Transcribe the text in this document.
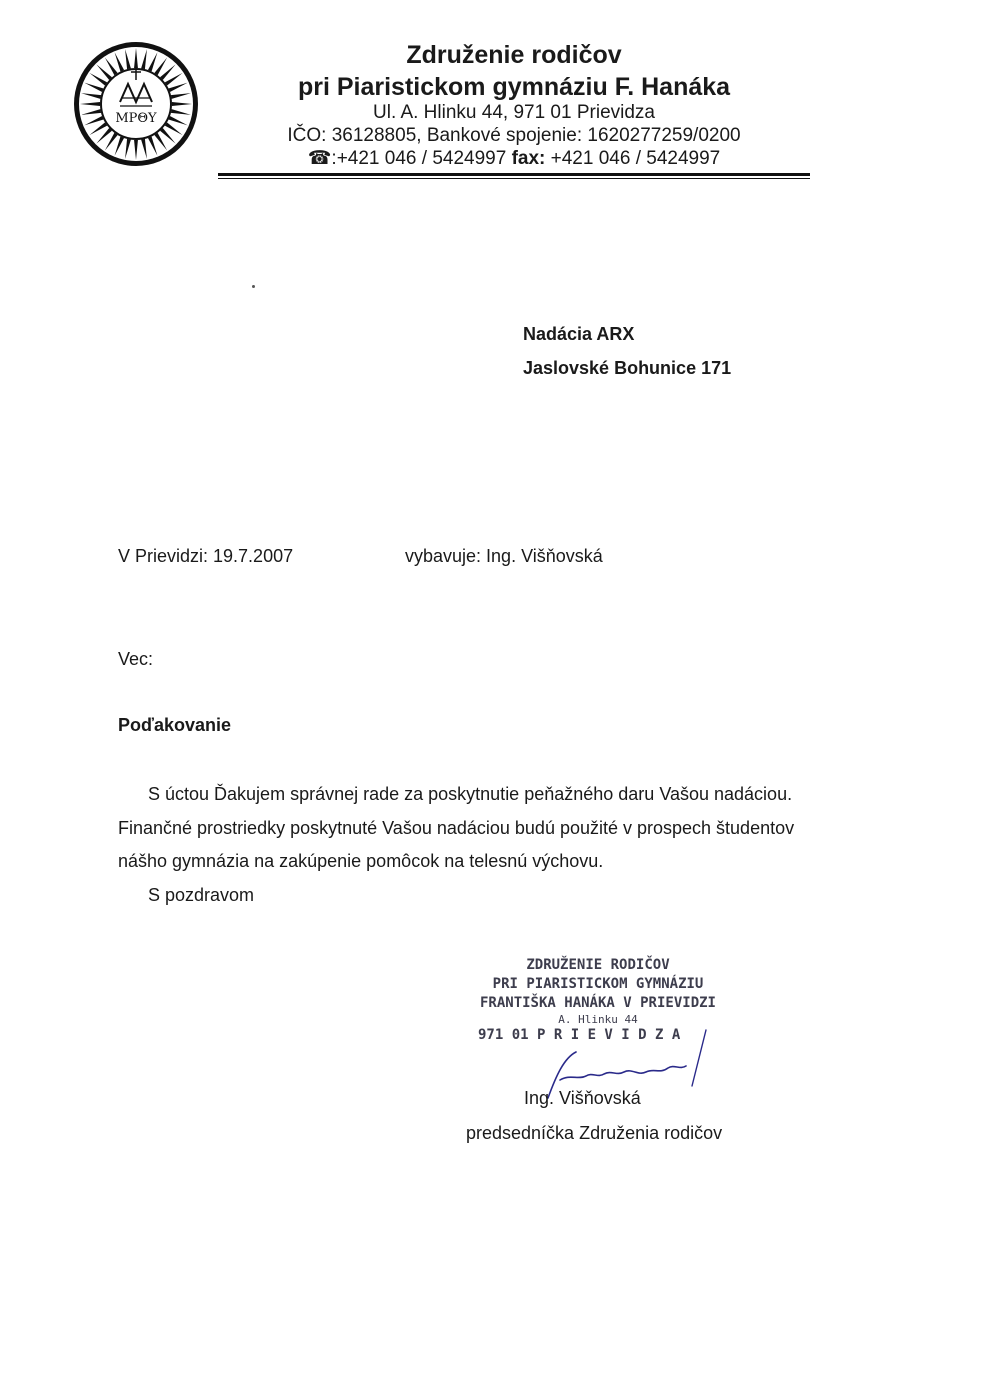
MPΘY
Združenie rodičov
pri Piaristickom gymnáziu F. Hanáka
Ul. A. Hlinku 44, 971 01 Prievidza
IČO: 36128805, Bankové spojenie: 1620277259/0200
☎:+421 046 / 5424997 fax: +421 046 / 5424997
Nadácia ARX
Jaslovské Bohunice 171
V Prievidzi: 19.7.2007	vybavuje: Ing. Višňovská
Vec:
Poďakovanie
S úctou Ďakujem správnej rade za poskytnutie peňažného daru Vašou nadáciou.
Finančné prostriedky poskytnuté Vašou nadáciou budú použité v prospech študentov
nášho gymnázia na zakúpenie pomôcok na telesnú výchovu.
S pozdravom
ZDRUŽENIE RODIČOV
PRI PIARISTICKOM GYMNÁZIU
FRANTIŠKA HANÁKA V PRIEVIDZI
A. Hlinku 44
971 01 P R I E V I D Z A
Ing. Višňovská
predsedníčka Združenia rodičov
